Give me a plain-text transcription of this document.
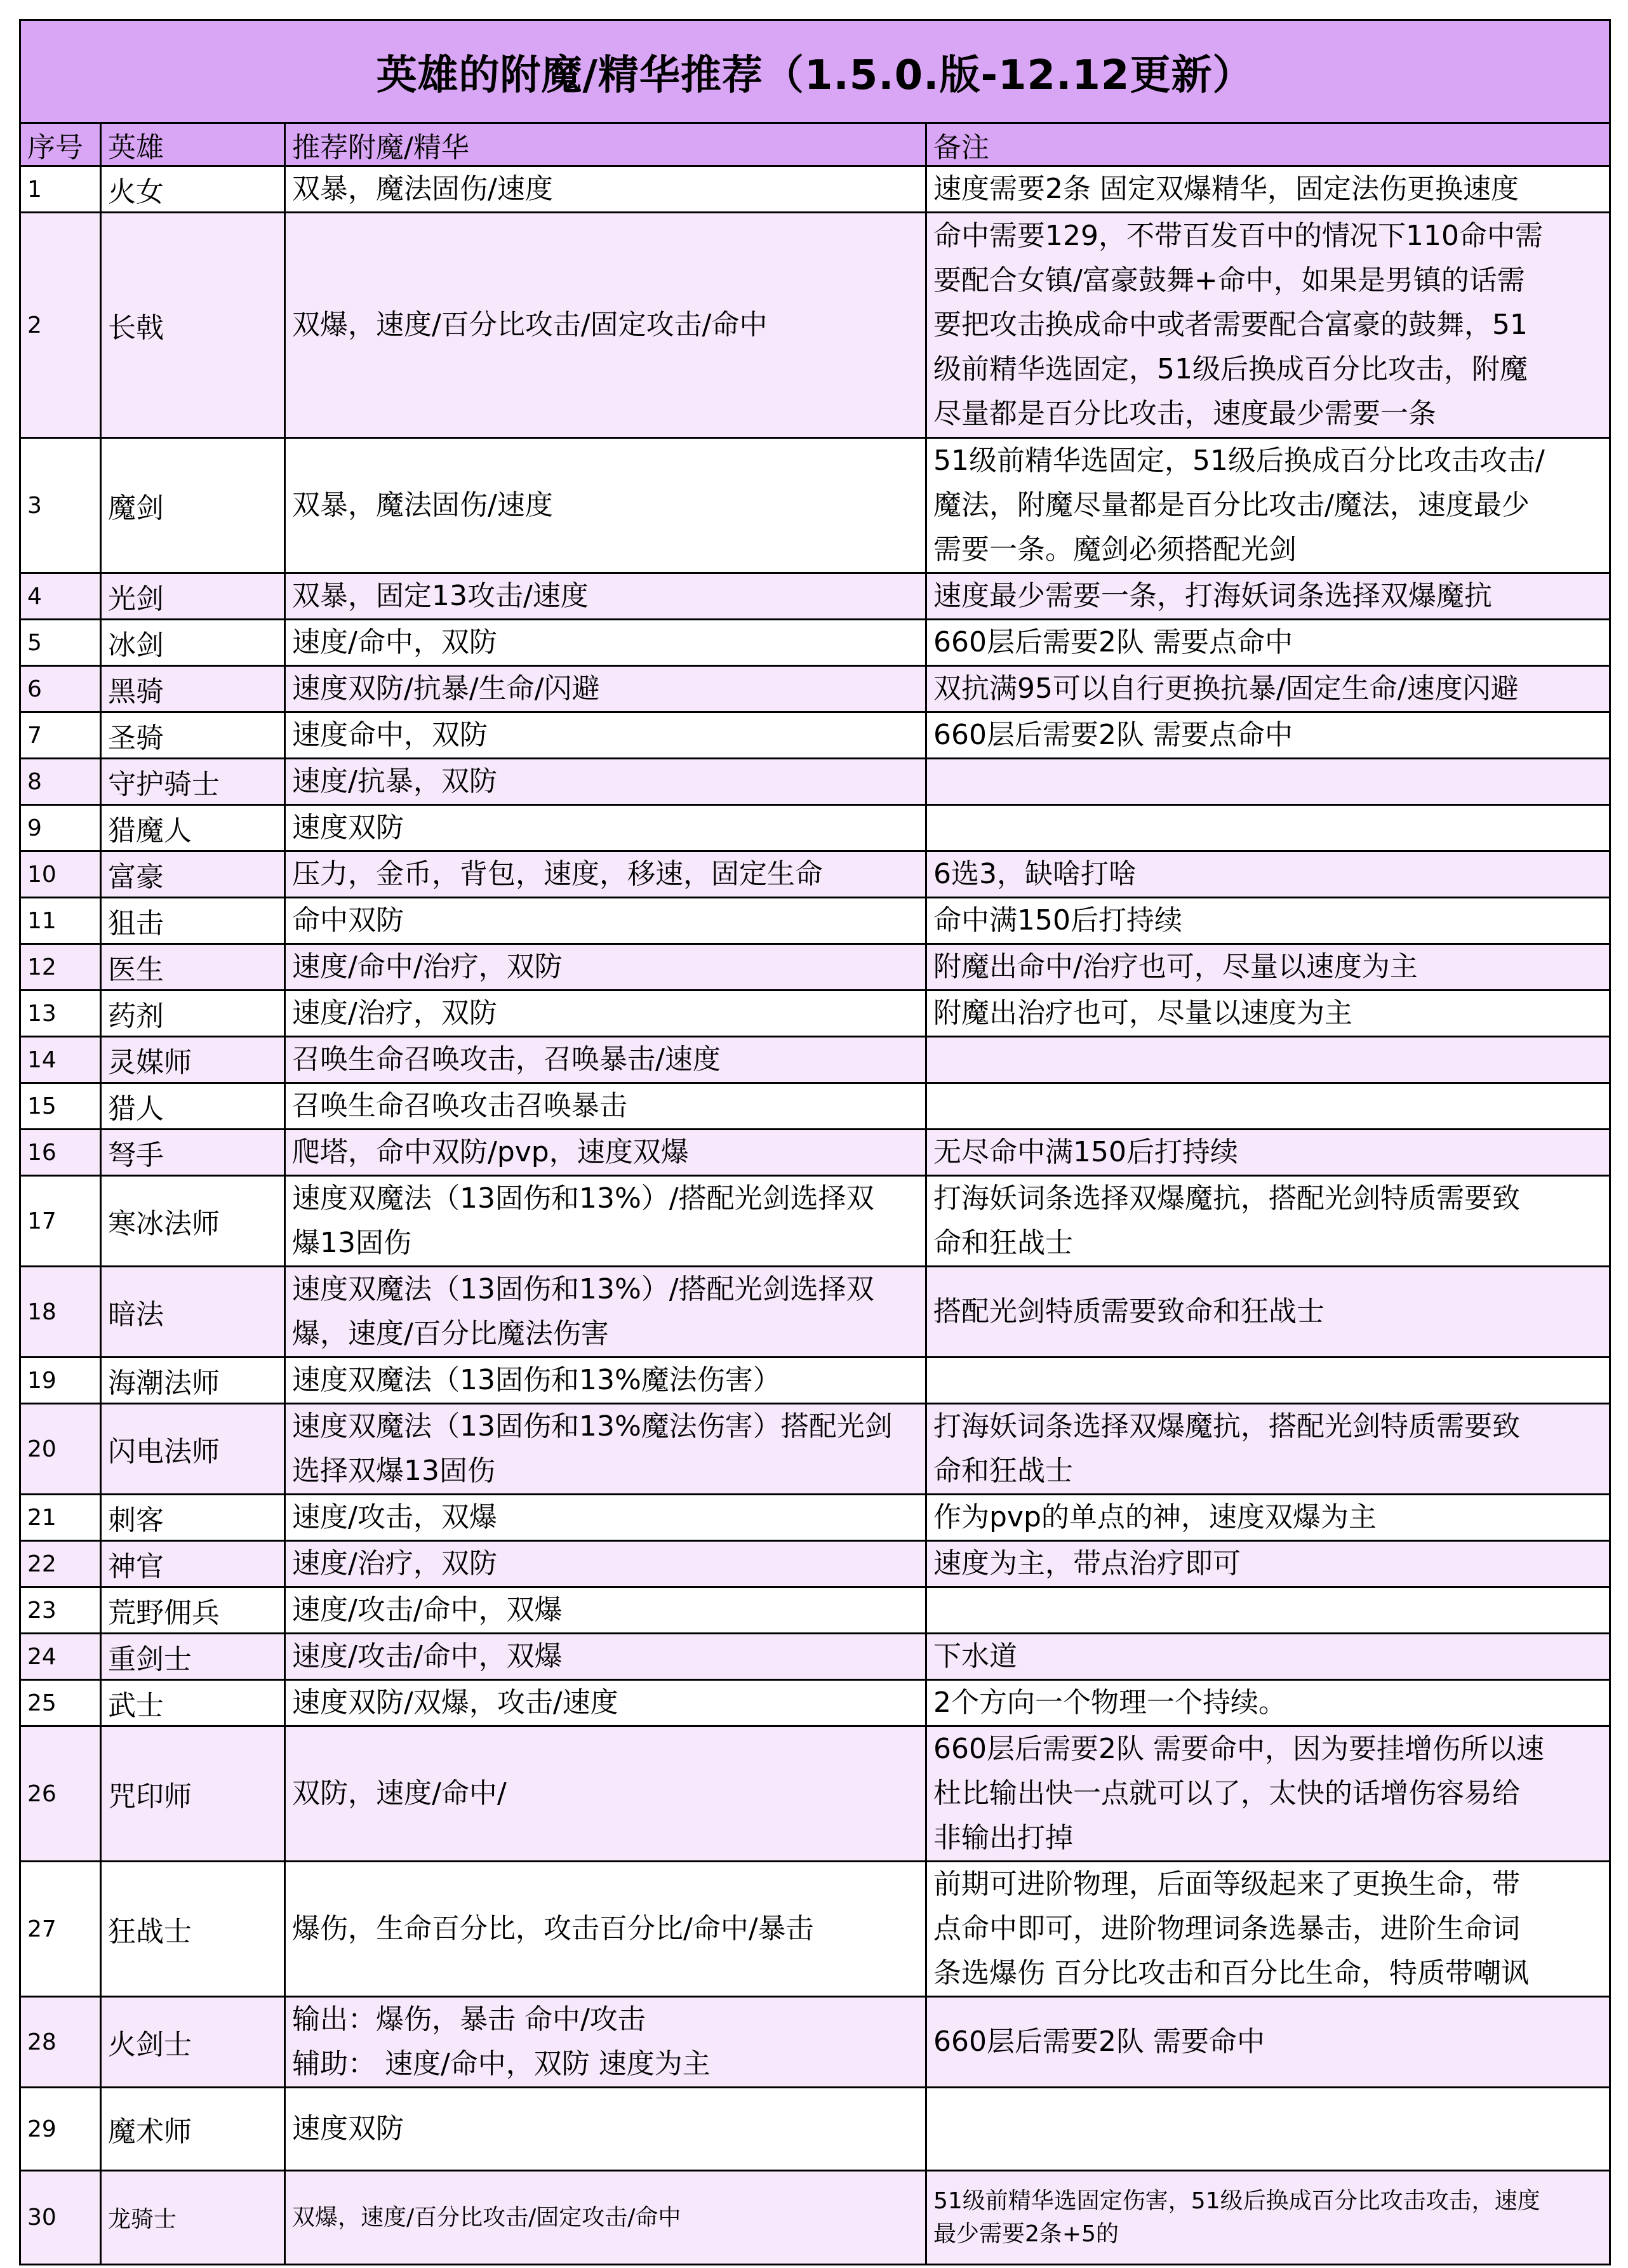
英雄的附魔/精华推荐（1.5.0.版-12.12更新）			
序号	英雄	推荐附魔/精华	备注
1	火女	双暴，魔法固伤/速度	速度需要2条 固定双爆精华，固定法伤更换速度
2	长戟	双爆，速度/百分比攻击/固定攻击/命中	命中需要129，不带百发百中的情况下110命中需
要配合女镇/富豪鼓舞+命中，如果是男镇的话需
要把攻击换成命中或者需要配合富豪的鼓舞，51
级前精华选固定，51级后换成百分比攻击，附魔
尽量都是百分比攻击，速度最少需要一条
3	魔剑	双暴，魔法固伤/速度	51级前精华选固定，51级后换成百分比攻击攻击/
魔法，附魔尽量都是百分比攻击/魔法，速度最少
需要一条。魔剑必须搭配光剑
4	光剑	双暴，固定13攻击/速度	速度最少需要一条，打海妖词条选择双爆魔抗
5	冰剑	速度/命中，双防	660层后需要2队 需要点命中
6	黑骑	速度双防/抗暴/生命/闪避	双抗满95可以自行更换抗暴/固定生命/速度闪避
7	圣骑	速度命中，双防	660层后需要2队 需要点命中
8	守护骑士	速度/抗暴，双防	
9	猎魔人	速度双防	
10	富豪	压力，金币，背包，速度，移速，固定生命	6选3，缺啥打啥
11	狙击	命中双防	命中满150后打持续
12	医生	速度/命中/治疗，双防	附魔出命中/治疗也可，尽量以速度为主
13	药剂	速度/治疗，双防	附魔出治疗也可，尽量以速度为主
14	灵媒师	召唤生命召唤攻击，召唤暴击/速度	
15	猎人	召唤生命召唤攻击召唤暴击	
16	弩手	爬塔，命中双防/pvp，速度双爆	无尽命中满150后打持续
17	寒冰法师	速度双魔法（13固伤和13%）/搭配光剑选择双
爆13固伤	打海妖词条选择双爆魔抗，搭配光剑特质需要致
命和狂战士
18	暗法	速度双魔法（13固伤和13%）/搭配光剑选择双
爆，速度/百分比魔法伤害	搭配光剑特质需要致命和狂战士
19	海潮法师	速度双魔法（13固伤和13%魔法伤害）	
20	闪电法师	速度双魔法（13固伤和13%魔法伤害）搭配光剑
选择双爆13固伤	打海妖词条选择双爆魔抗，搭配光剑特质需要致
命和狂战士
21	刺客	速度/攻击，双爆	作为pvp的单点的神，速度双爆为主
22	神官	速度/治疗，双防	速度为主，带点治疗即可
23	荒野佣兵	速度/攻击/命中，双爆	
24	重剑士	速度/攻击/命中，双爆	下水道
25	武士	速度双防/双爆，攻击/速度	2个方向一个物理一个持续。
26	咒印师	双防，速度/命中/	660层后需要2队 需要命中，因为要挂增伤所以速
杜比输出快一点就可以了，太快的话增伤容易给
非输出打掉
27	狂战士	爆伤，生命百分比，攻击百分比/命中/暴击	前期可进阶物理，后面等级起来了更换生命，带
点命中即可，进阶物理词条选暴击，进阶生命词
条选爆伤 百分比攻击和百分比生命，特质带嘲讽
28	火剑士	输出：爆伤，暴击 命中/攻击
辅助： 速度/命中，双防 速度为主	660层后需要2队 需要命中
29	魔术师	速度双防	
30	龙骑士	双爆，速度/百分比攻击/固定攻击/命中	51级前精华选固定伤害，51级后换成百分比攻击攻击，速度
最少需要2条+5的
